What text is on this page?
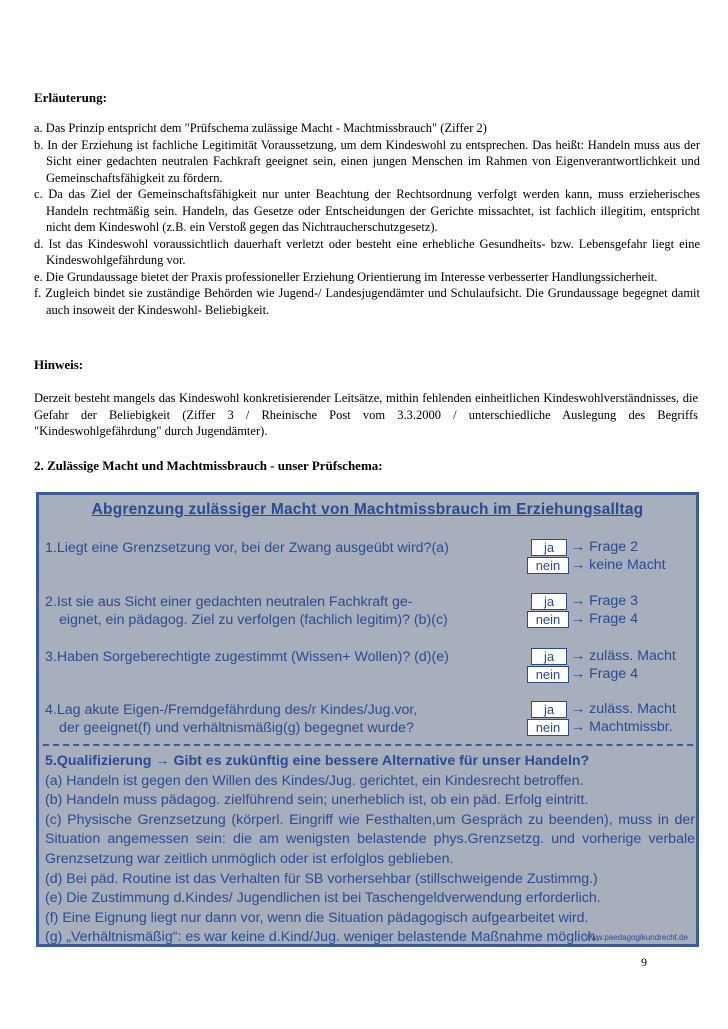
Erläuterung:
a. Das Prinzip entspricht dem "Prüfschema zulässige Macht - Machtmissbrauch" (Ziffer 2)
b. In der Erziehung ist fachliche Legitimität Voraussetzung, um dem Kindeswohl zu entsprechen. Das heißt: Handeln muss aus der Sicht einer gedachten neutralen Fachkraft geeignet sein, einen jungen Menschen im Rahmen von Eigenverantwortlichkeit und Gemeinschaftsfähigkeit zu fördern.
c. Da das Ziel der Gemeinschaftsfähigkeit nur unter Beachtung der Rechtsordnung verfolgt werden kann, muss erzieherisches Handeln rechtmäßig sein. Handeln, das Gesetze oder Entscheidungen der Gerichte missachtet, ist fachlich illegitim, entspricht nicht dem Kindeswohl (z.B. ein Verstoß gegen das Nichtraucherschutzgesetz).
d. Ist das Kindeswohl voraussichtlich dauerhaft verletzt oder besteht eine erhebliche Gesundheits- bzw. Lebensgefahr liegt eine Kindeswohlgefährdung vor.
e. Die Grundaussage bietet der Praxis professioneller Erziehung Orientierung im Interesse verbesserter Handlungssicherheit.
f. Zugleich bindet sie zuständige Behörden wie Jugend-/ Landesjugendämter und Schulaufsicht. Die Grundaussage begegnet damit auch insoweit der Kindeswohl- Beliebigkeit.
Hinweis:

Derzeit besteht mangels das Kindeswohl konkretisierender Leitsätze, mithin fehlenden einheitlichen Kindeswohlverständnisses, die Gefahr der Beliebigkeit (Ziffer 3 / Rheinische Post vom 3.3.2000 / unterschiedliche Auslegung des Begriffs "Kindeswohlgefährdung" durch Jugendämter).

2. Zulässige Macht und Machtmissbrauch - unser Prüfschema:
Abgrenzung zulässiger Macht von Machtmissbrauch im Erziehungsalltag
1.Liegt eine Grenzsetzung vor, bei der Zwang ausgeübt wird?(a)	ja	→ Frage 2
nein → keine Macht
2.Ist sie aus Sicht einer gedachten neutralen Fachkraft ge-
eignet, ein pädagog. Ziel zu verfolgen (fachlich legitim)? (b)(c)
ja	→ Frage 3
nein → Frage 4
3.Haben Sorgeberechtigte zugestimmt (Wissen+ Wollen)? (d)(e)	ja	→ zuläss. Macht
nein → Frage 4
4.Lag akute Eigen-/Fremdgefährdung des/r Kindes/Jug.vor,
der geeignet(f) und verhältnismäßig(g) begegnet wurde?
ja	→ zuläss. Macht
nein → Machtmissbr.

5.Qualifizierung → Gibt es zukünftig eine bessere Alternative für unser Handeln?

(a) Handeln ist gegen den Willen des Kindes/Jug. gerichtet, ein Kindesrecht betroffen.

(b) Handeln muss pädagog. zielführend sein; unerheblich ist, ob ein päd. Erfolg eintritt.

(c) Physische Grenzsetzung (körperl. Eingriff wie Festhalten,um Gespräch zu beenden), muss in der Situation angemessen sein: die am wenigsten belastende phys.Grenzsetzg. und vorherige verbale Grenzsetzung war zeitlich unmöglich oder ist erfolglos geblieben.

(d) Bei päd. Routine ist das Verhalten für SB vorhersehbar (stillschweigende Zustimmg.)

(e) Die Zustimmung d.Kindes/ Jugendlichen ist bei Taschengeldverwendung erforderlich.

(f) Eine Eignung liegt nur dann vor, wenn die Situation pädagogisch aufgearbeitet wird.

(g) „Verhältnismäßig“: es war keine d.Kind/Jug. weniger belastende Maßnahme möglich.

www.paedagogikundrecht.de
9
